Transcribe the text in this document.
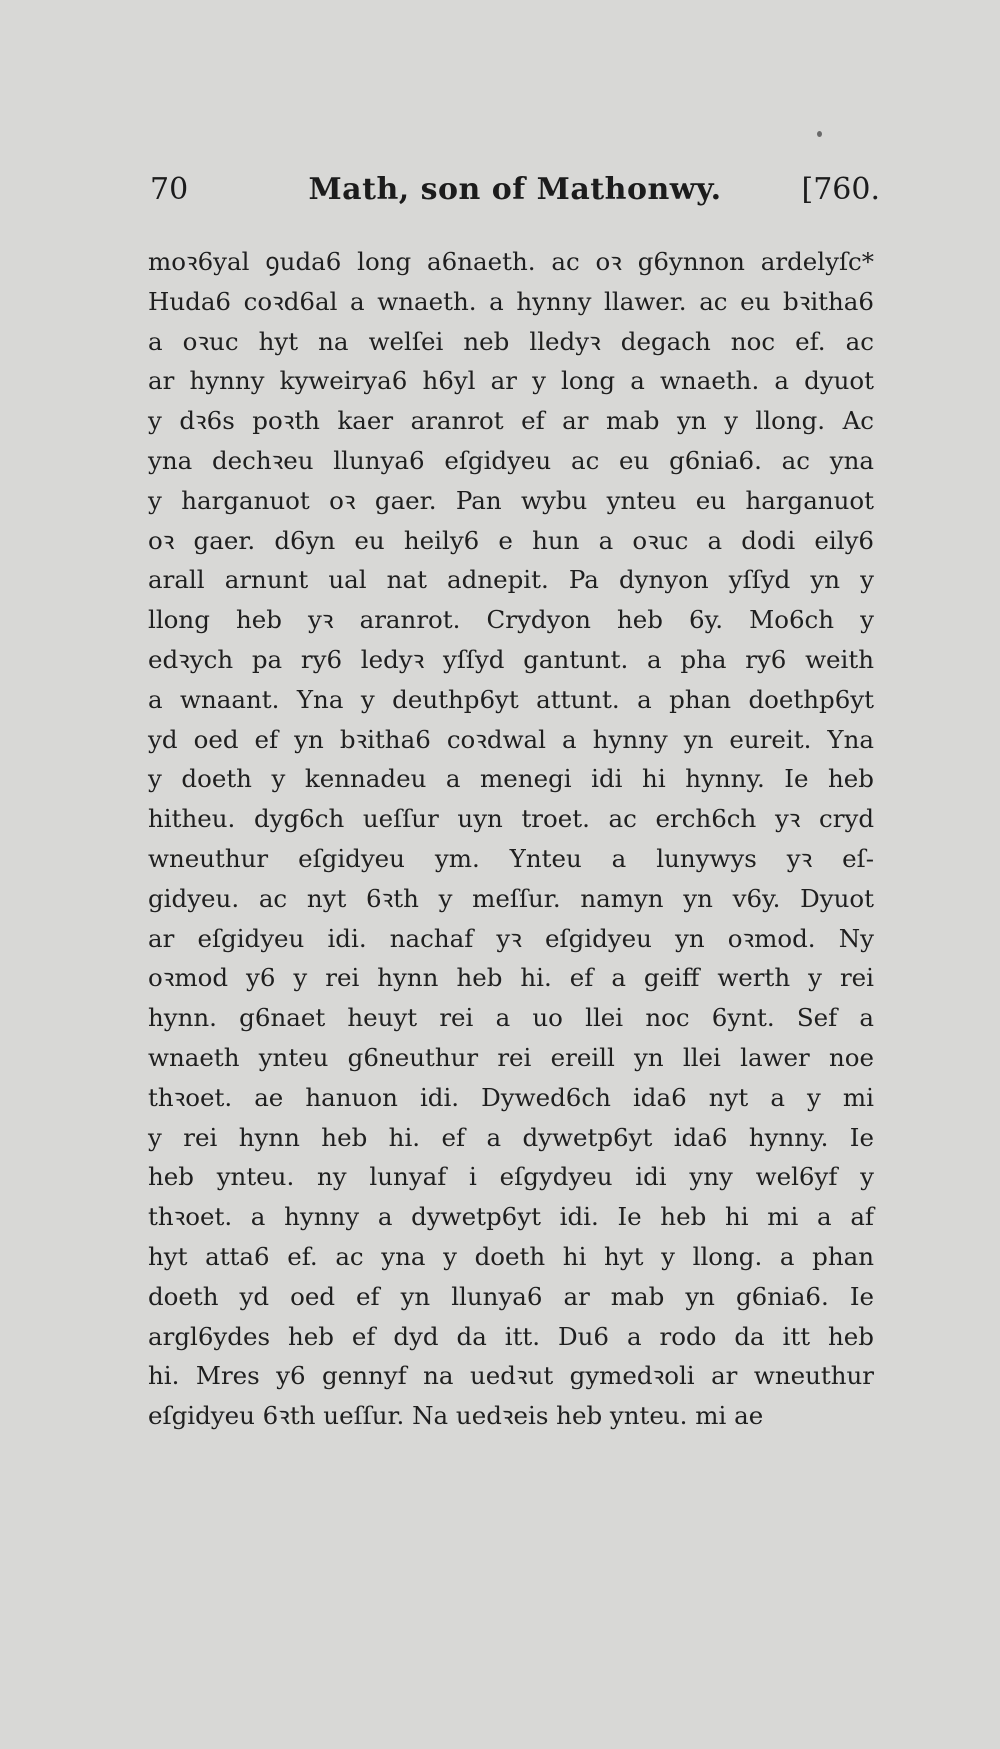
70	Math, son of Mathonwy.	[760.
moꝛ6yal ꝯuda6 long a6naeth. ac oꝛ g6ynnon ardelyſc*
Huda6 coꝛd6al a wnaeth. a hynny llawer. ac eu bꝛitha6
a oꝛuc hyt na welſei neb lledyꝛ degach noc ef. ac
ar hynny kyweirya6 h6yl ar y long a wnaeth. a dyuot
y dꝛ6s poꝛth kaer aranrot ef ar mab yn y llong. Ac
yna dechꝛeu llunya6 eſgidyeu ac eu g6nia6. ac yna
y harganuot oꝛ gaer. Pan wybu ynteu eu harganuot
oꝛ gaer. d6yn eu heily6 e hun a oꝛuc a dodi eily6
arall arnunt ual nat adnepit. Pa dynyon yſſyd yn y
llong heb yꝛ aranrot. Crydyon heb 6y. Mo6ch y
edꝛych pa ry6 ledyꝛ yſſyd gantunt. a pha ry6 weith
a wnaant. Yna y deuthp6yt attunt. a phan doethp6yt
yd oed ef yn bꝛitha6 coꝛdwal a hynny yn eureit. Yna
y doeth y kennadeu a menegi idi hi hynny. Ie heb
hitheu. dyg6ch ueſſur uyn troet. ac erch6ch yꝛ cryd
wneuthur eſgidyeu ym. Ynteu a lunywys yꝛ eſ-
gidyeu. ac nyt 6ꝛth y meſſur. namyn yn v6y. Dyuot
ar eſgidyeu idi. nachaf yꝛ eſgidyeu yn oꝛmod. Ny
oꝛmod y6 y rei hynn heb hi. ef a geiff werth y rei
hynn. g6naet heuyt rei a uo llei noc 6ynt. Sef a
wnaeth ynteu g6neuthur rei ereill yn llei lawer noe
thꝛoet. ae hanuon idi. Dywed6ch ida6 nyt a y mi
y rei hynn heb hi. ef a dywetp6yt ida6 hynny. Ie
heb ynteu. ny lunyaf i eſgydyeu idi yny wel6yf y
thꝛoet. a hynny a dywetp6yt idi. Ie heb hi mi a af
hyt atta6 ef. ac yna y doeth hi hyt y llong. a phan
doeth yd oed ef yn llunya6 ar mab yn g6nia6. Ie
argl6ydes heb ef dyd da itt. Du6 a rodo da itt heb
hi. Mres y6 gennyf na uedꝛut gymedꝛoli ar wneuthur
eſgidyeu 6ꝛth ueſſur. Na uedꝛeis heb ynteu. mi ae
